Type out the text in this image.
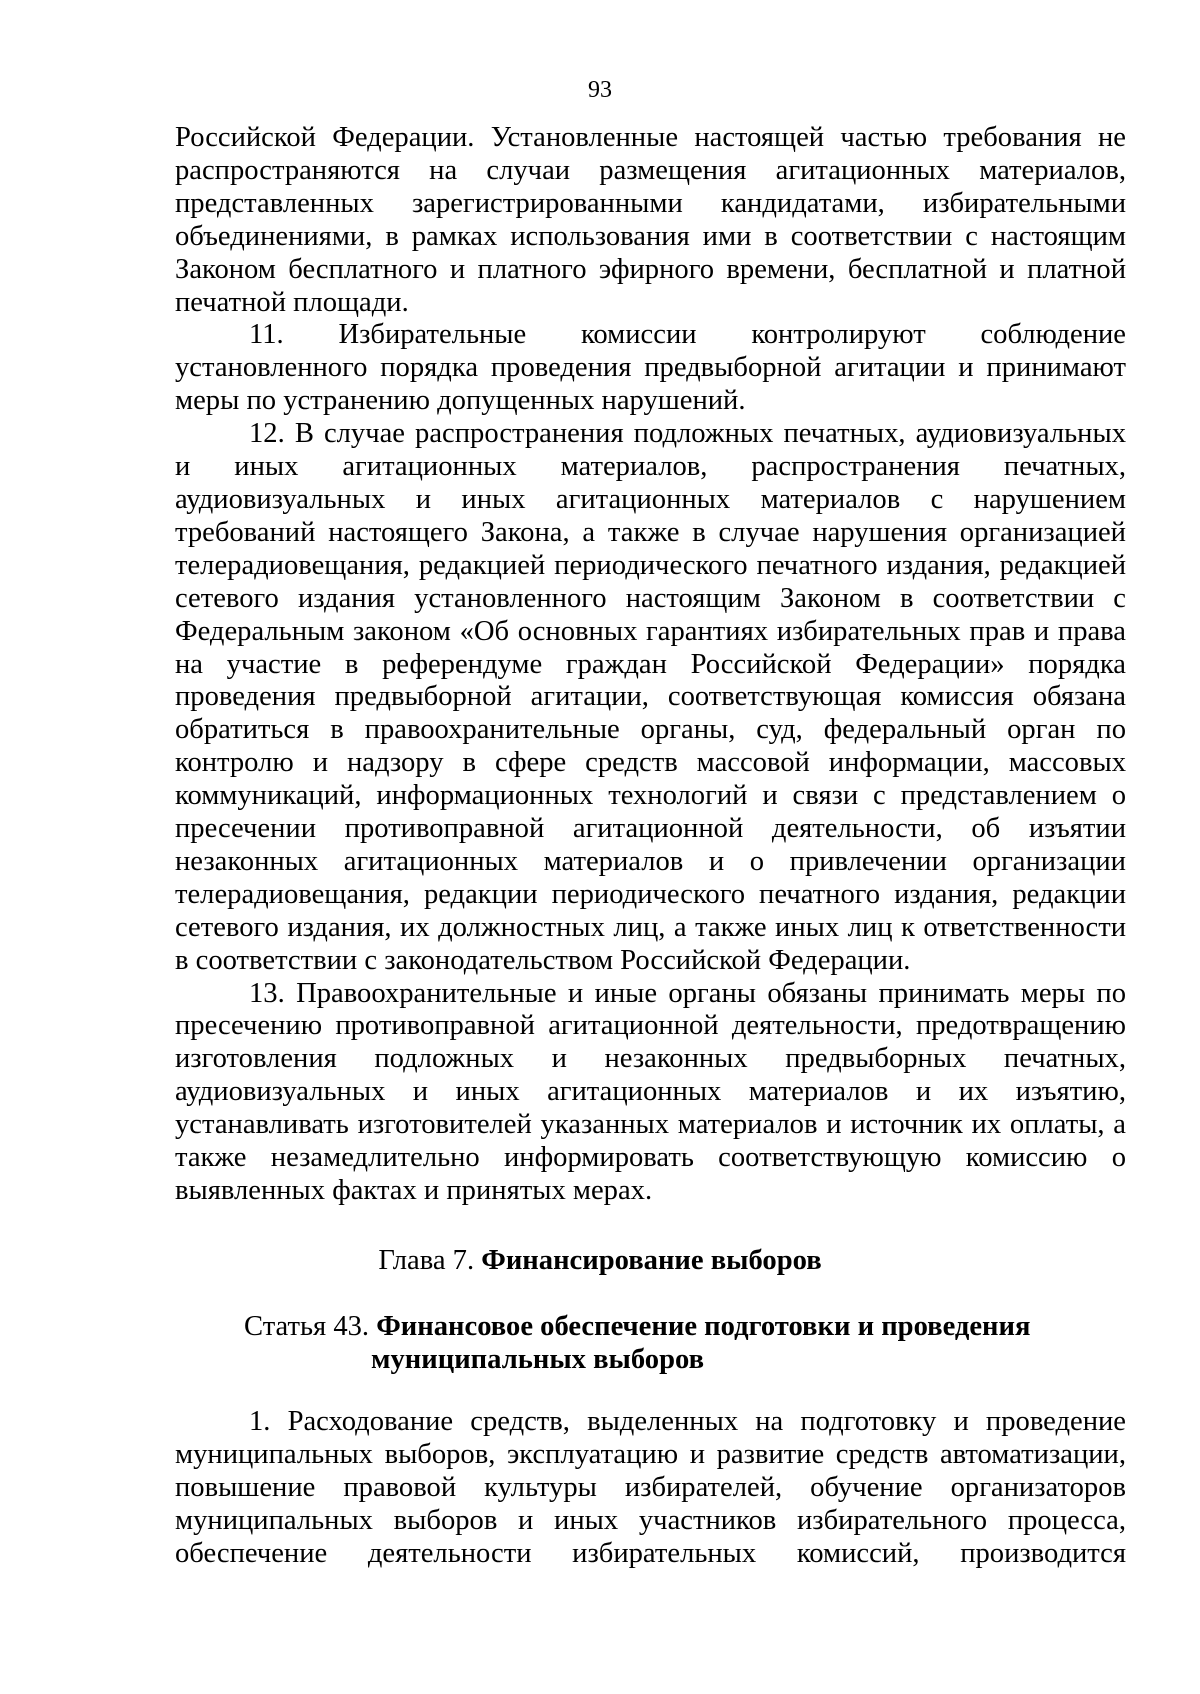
93

Российской Федерации. Установленные настоящей частью требования не распространяются на случаи размещения агитационных материалов, представленных зарегистрированными кандидатами, избирательными объединениями, в рамках использования ими в соответствии с настоящим Законом бесплатного и платного эфирного времени, бесплатной и платной печатной площади.

11. Избирательные комиссии контролируют соблюдение установленного порядка проведения предвыборной агитации и принимают меры по устранению допущенных нарушений.

12. В случае распространения подложных печатных, аудиовизуальных и иных агитационных материалов, распространения печатных, аудиовизуальных и иных агитационных материалов с нарушением требований настоящего Закона, а также в случае нарушения организацией телерадиовещания, редакцией периодического печатного издания, редакцией сетевого издания установленного настоящим Законом в соответствии с Федеральным законом «Об основных гарантиях избирательных прав и права на участие в референдуме граждан Российской Федерации» порядка проведения предвыборной агитации, соответствующая комиссия обязана обратиться в правоохранительные органы, суд, федеральный орган по контролю и надзору в сфере средств массовой информации, массовых коммуникаций, информационных технологий и связи с представлением о пресечении противоправной агитационной деятельности, об изъятии незаконных агитационных материалов и о привлечении организации телерадиовещания, редакции периодического печатного издания, редакции сетевого издания, их должностных лиц, а также иных лиц к ответственности в соответствии с законодательством Российской Федерации.

13. Правоохранительные и иные органы обязаны принимать меры по пресечению противоправной агитационной деятельности, предотвращению изготовления подложных и незаконных предвыборных печатных, аудиовизуальных и иных агитационных материалов и их изъятию, устанавливать изготовителей указанных материалов и источник их оплаты, а также незамедлительно информировать соответствующую комиссию о выявленных фактах и принятых мерах.

Глава 7. Финансирование выборов
Статья 43. Финансовое обеспечение подготовки и проведения
муниципальных выборов

1. Расходование средств, выделенных на подготовку и проведение муниципальных выборов, эксплуатацию и развитие средств автоматизации, повышение правовой культуры избирателей, обучение организаторов муниципальных выборов и иных участников избирательного процесса, обеспечение деятельности избирательных комиссий, производится
